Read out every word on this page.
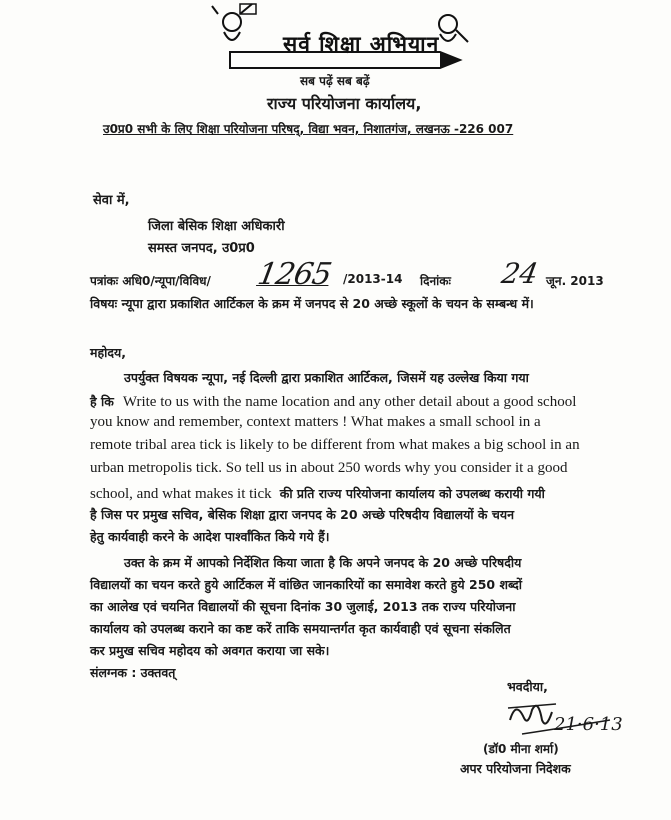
सर्व शिक्षा अभियान
सब पढ़ें सब बढ़ें
राज्य परियोजना कार्यालय,
उ0प्र0 सभी के लिए शिक्षा परियोजना परिषद्, विद्या भवन, निशातगंज, लखनऊ -226 007
सेवा में,
जिला बेसिक शिक्षा अधिकारी
समस्त जनपद, उ0प्र0
पत्रांकः अधि0/न्यूपा/विविध/ 1265 /2013-14 दिनांकः 24 जून. 2013
विषयः न्यूपा द्वारा प्रकाशित आर्टिकल के क्रम में जनपद से 20 अच्छे स्कूलों के चयन के सम्बन्ध में।
महोदय,
उपर्युक्त विषयक न्यूपा, नई दिल्ली द्वारा प्रकाशित आर्टिकल, जिसमें यह उल्लेख किया गया
है कि Write to us with the name location and any other detail about a good school
you know and remember, context matters ! What makes a small school in a
remote tribal area tick is likely to be different from what makes a big school in an
urban metropolis tick. So tell us in about 250 words why you consider it a good
school, and what makes it tick की प्रति राज्य परियोजना कार्यालय को उपलब्ध करायी गयी
है जिस पर प्रमुख सचिव, बेसिक शिक्षा द्वारा जनपद के 20 अच्छे परिषदीय विद्यालयों के चयन
हेतु कार्यवाही करने के आदेश पार्श्वांकित किये गये हैं।
उक्त के क्रम में आपको निर्देशित किया जाता है कि अपने जनपद के 20 अच्छे परिषदीय
विद्यालयों का चयन करते हुये आर्टिकल में वांछित जानकारियों का समावेश करते हुये 250 शब्दों
का आलेख एवं चयनित विद्यालयों की सूचना दिनांक 30 जुलाई, 2013 तक राज्य परियोजना
कार्यालय को उपलब्ध कराने का कष्ट करें ताकि समयान्तर्गत कृत कार्यवाही एवं सूचना संकलित
कर प्रमुख सचिव महोदय को अवगत कराया जा सके।
संलग्नक : उक्तवत्
भवदीया,
21·6·13
(डॉ0 मीना शर्मा)
अपर परियोजना निदेशक
